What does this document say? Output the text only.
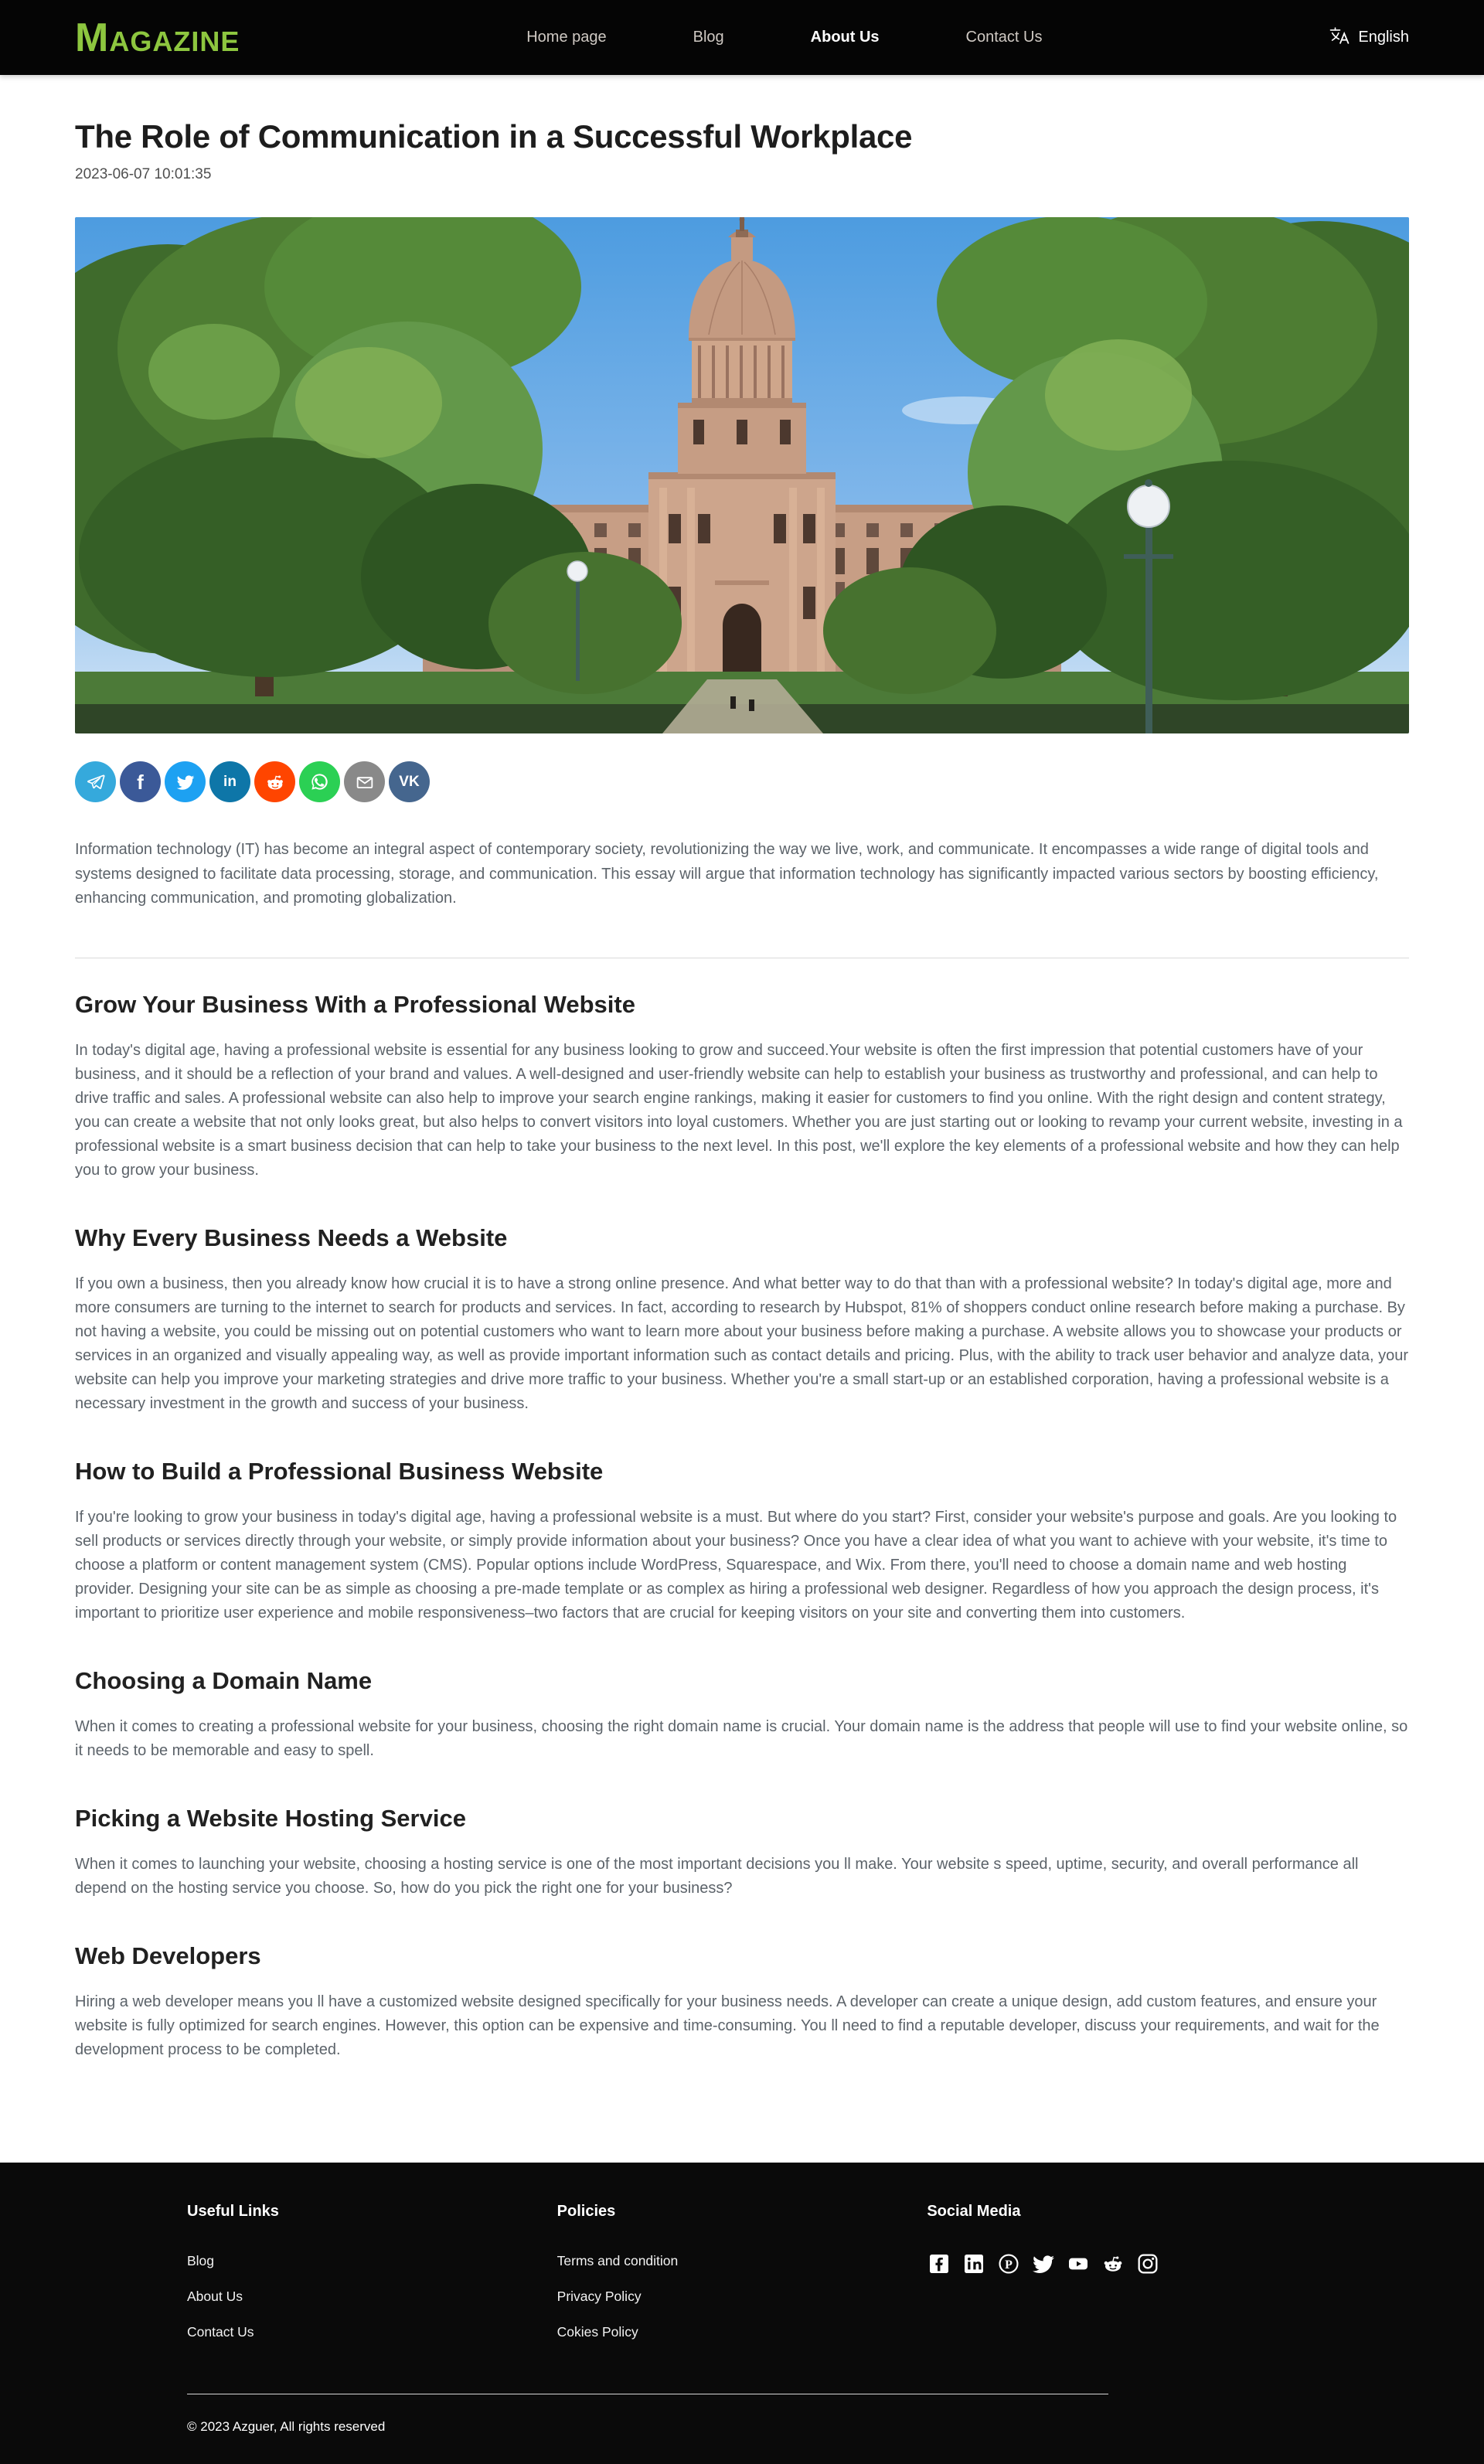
M AGAZINE	Home page	Blog	About Us	Contact Us	English
The Role of Communication in a Successful Workplace
2023-06-07 10:01:35
f	in	VK

Information technology (IT) has become an integral aspect of contemporary society, revolutionizing the way we live, work, and communicate. It encompasses a wide range of digital tools and systems designed to facilitate data processing, storage, and communication. This essay will argue that information technology has significantly impacted various sectors by boosting efficiency, enhancing communication, and promoting globalization.

Grow Your Business With a Professional Website

In today's digital age, having a professional website is essential for any business looking to grow and succeed.Your website is often the first impression that potential customers have of your business, and it should be a reflection of your brand and values. A well-designed and user-friendly website can help to establish your business as trustworthy and professional, and can help to drive traffic and sales. A professional website can also help to improve your search engine rankings, making it easier for customers to find you online. With the right design and content strategy, you can create a website that not only looks great, but also helps to convert visitors into loyal customers. Whether you are just starting out or looking to revamp your current website, investing in a professional website is a smart business decision that can help to take your business to the next level. In this post, we'll explore the key elements of a professional website and how they can help you to grow your business.

Why Every Business Needs a Website

If you own a business, then you already know how crucial it is to have a strong online presence. And what better way to do that than with a professional website? In today's digital age, more and more consumers are turning to the internet to search for products and services. In fact, according to research by Hubspot, 81% of shoppers conduct online research before making a purchase. By not having a website, you could be missing out on potential customers who want to learn more about your business before making a purchase. A website allows you to showcase your products or services in an organized and visually appealing way, as well as provide important information such as contact details and pricing. Plus, with the ability to track user behavior and analyze data, your website can help you improve your marketing strategies and drive more traffic to your business. Whether you're a small start-up or an established corporation, having a professional website is a necessary investment in the growth and success of your business.

How to Build a Professional Business Website

If you're looking to grow your business in today's digital age, having a professional website is a must. But where do you start? First, consider your website's purpose and goals. Are you looking to sell products or services directly through your website, or simply provide information about your business? Once you have a clear idea of what you want to achieve with your website, it's time to choose a platform or content management system (CMS). Popular options include WordPress, Squarespace, and Wix. From there, you'll need to choose a domain name and web hosting provider. Designing your site can be as simple as choosing a pre-made template or as complex as hiring a professional web designer. Regardless of how you approach the design process, it's important to prioritize user experience and mobile responsiveness–two factors that are crucial for keeping visitors on your site and converting them into customers.

Choosing a Domain Name

When it comes to creating a professional website for your business, choosing the right domain name is crucial. Your domain name is the address that people will use to find your website online, so it needs to be memorable and easy to spell.

Picking a Website Hosting Service

When it comes to launching your website, choosing a hosting service is one of the most important decisions you ll make. Your website s speed, uptime, security, and overall performance all depend on the hosting service you choose. So, how do you pick the right one for your business?

Web Developers

Hiring a web developer means you ll have a customized website designed specifically for your business needs. A developer can create a unique design, add custom features, and ensure your website is fully optimized for search engines. However, this option can be expensive and time-consuming. You ll need to find a reputable developer, discuss your requirements, and wait for the development process to be completed.

Useful Links
Blog
About Us
Contact Us
Policies
Terms and condition
Privacy Policy
Cokies Policy
Social Media
P
© 2023 Azguer, All rights reserved
